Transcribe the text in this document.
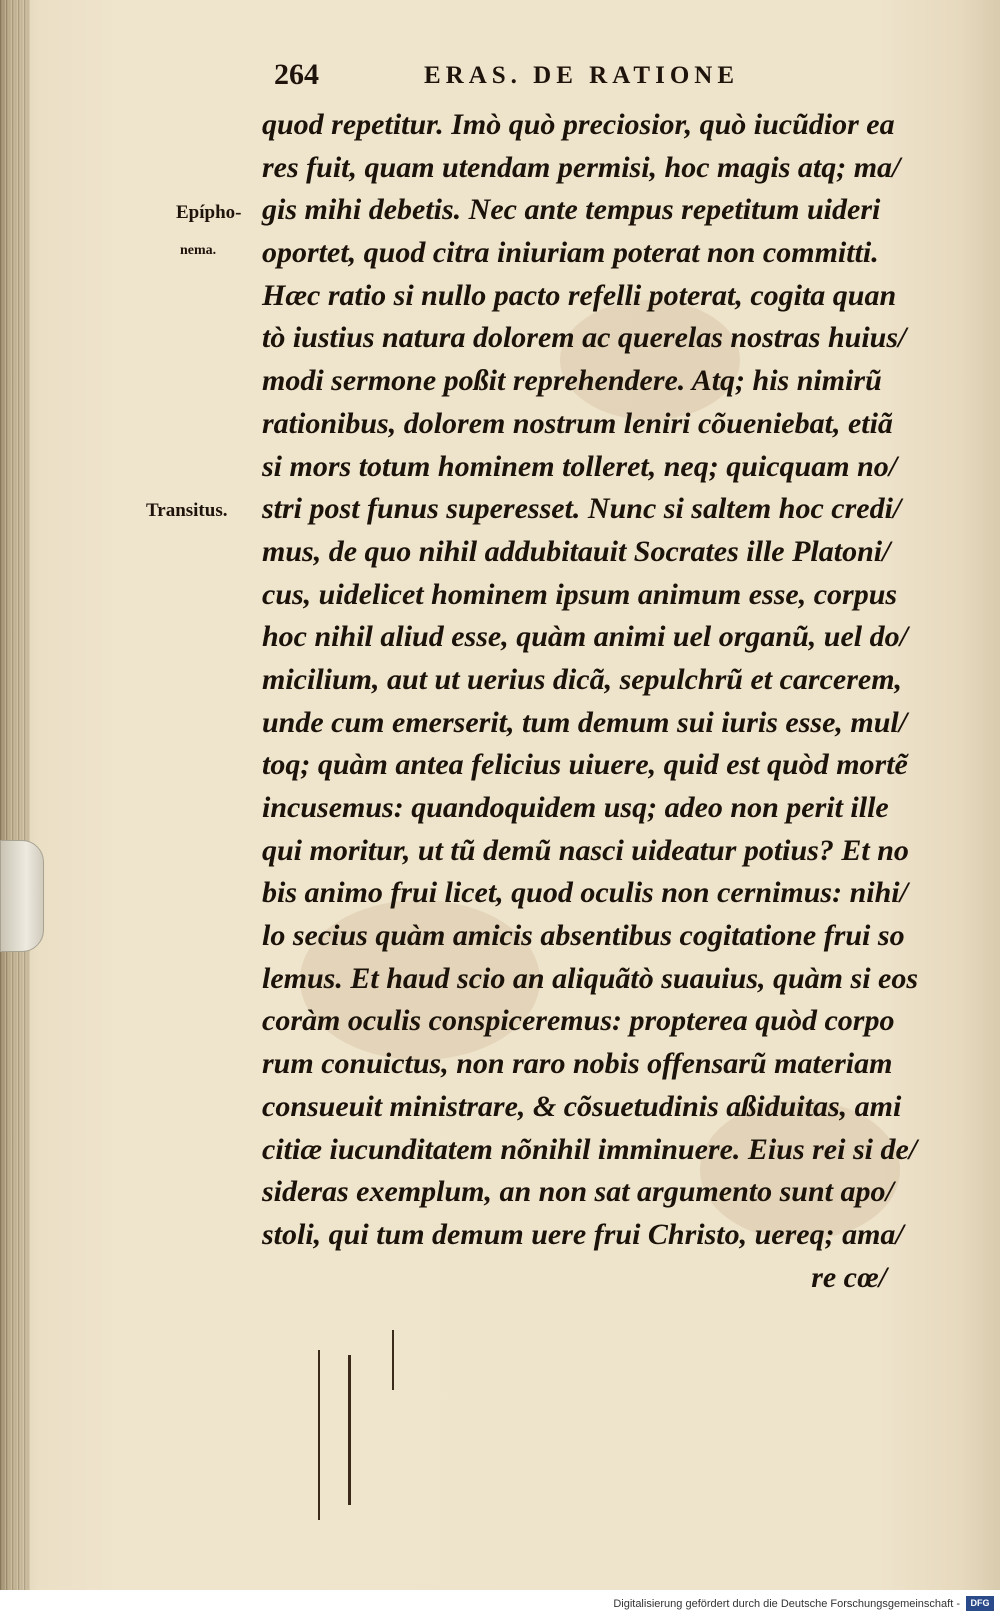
264	ERAS. DE RATIONE
Epípho-
nema.
Transitus.
quod repetitur. Imò quò preciosior, quò iucũdior ea
res fuit, quam utendam permisi, hoc magis atq; ma/
gis mihi debetis. Nec ante tempus repetitum uideri
oportet, quod citra iniuriam poterat non committi.
Hæc ratio si nullo pacto refelli poterat, cogita quan
tò iustius natura dolorem ac querelas nostras huius/
modi sermone poßit reprehendere. Atq; his nimirũ
rationibus, dolorem nostrum leniri cõueniebat, etiã
si mors totum hominem tolleret, neq; quicquam no/
stri post funus superesset. Nunc si saltem hoc credi/
mus, de quo nihil addubitauit Socrates ille Platoni/
cus, uidelicet hominem ipsum animum esse, corpus
hoc nihil aliud esse, quàm animi uel organũ, uel do/
micilium, aut ut uerius dicã, sepulchrũ et carcerem,
unde cum emerserit, tum demum sui iuris esse, mul/
toq; quàm antea felicius uiuere, quid est quòd mortẽ
incusemus: quandoquidem usq; adeo non perit ille
qui moritur, ut tũ demũ nasci uideatur potius? Et no
bis animo frui licet, quod oculis non cernimus: nihi/
lo secius quàm amicis absentibus cogitatione frui so
lemus. Et haud scio an aliquãtò suauius, quàm si eos
coràm oculis conspiceremus: propterea quòd corpo
rum conuictus, non raro nobis offensarũ materiam
consueuit ministrare, & cõsuetudinis aßiduitas, ami
citiæ iucunditatem nõnihil imminuere. Eius rei si de/
sideras exemplum, an non sat argumento sunt apo/
stoli, qui tum demum uere frui Christo, uereq; ama/
re cœ/
Digitalisierung gefördert durch die Deutsche Forschungsgemeinschaft -	DFG
